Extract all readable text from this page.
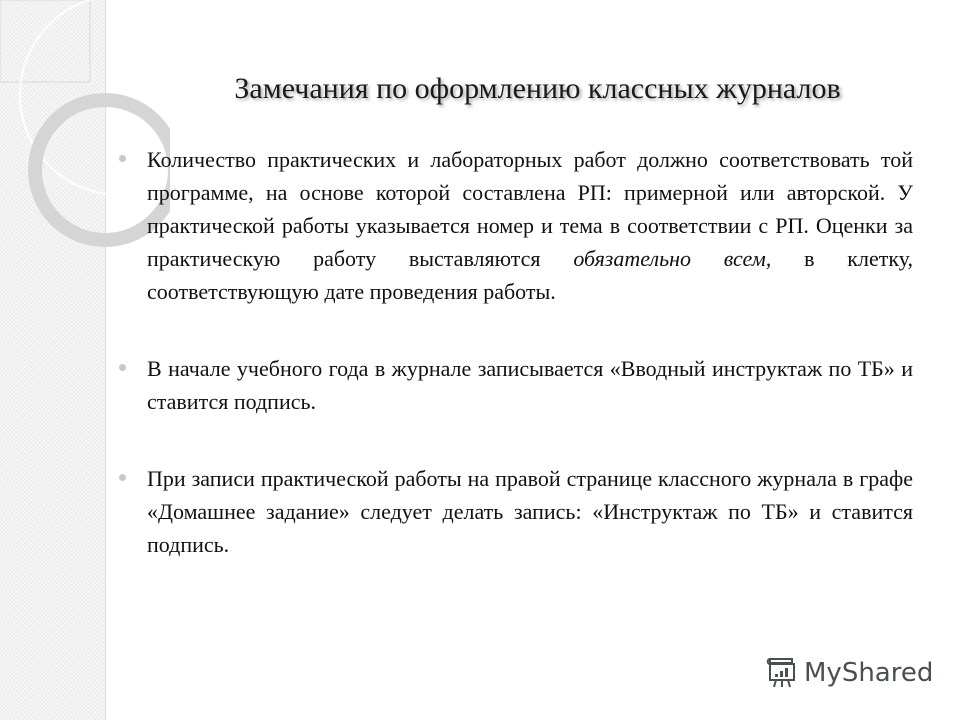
Замечания по оформлению классных журналов

Количество практических и лабораторных работ должно соответствовать той программе, на основе которой составлена РП: примерной или авторской. У практической работы указывается номер и тема в соответствии с РП. Оценки за практическую работу выставляются обязательно всем, в клетку, соответствующую дате проведения работы.

В начале учебного года в журнале записывается «Вводный инструктаж по ТБ» и ставится подпись.

При записи практической работы на правой странице классного журнала в графе «Домашнее задание» следует делать запись: «Инструктаж по ТБ» и ставится подпись.

MyShared
